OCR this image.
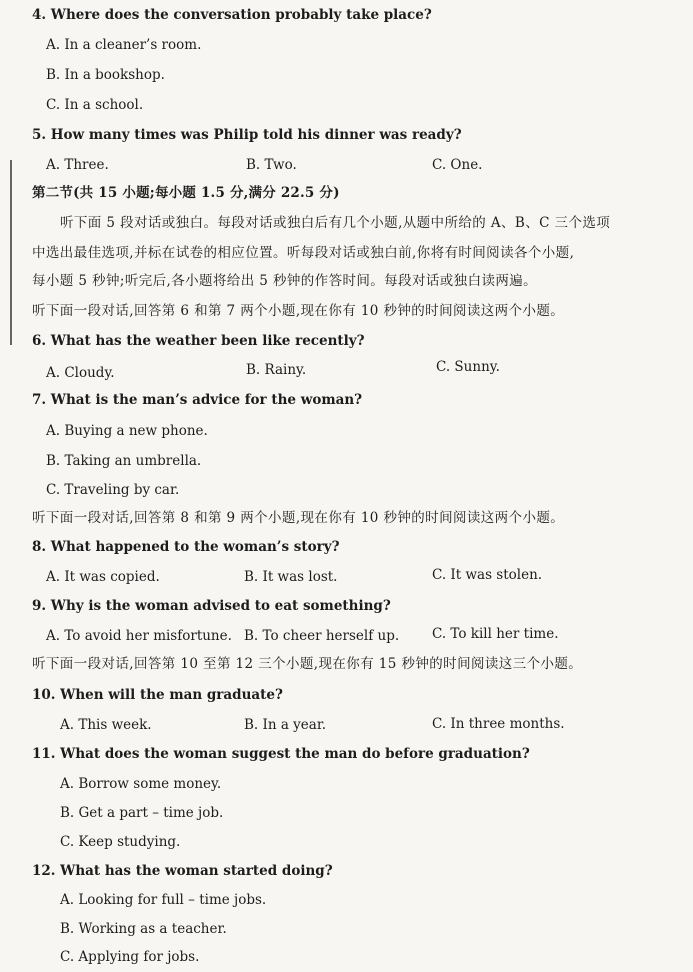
4. Where does the conversation probably take place?
A. In a cleaner’s room.
B. In a bookshop.
C. In a school.
5. How many times was Philip told his dinner was ready?
A. Three.	B. Two.	C. One.
第二节(共 15 小题;每小题 1.5 分,满分 22.5 分)
听下面 5 段对话或独白。每段对话或独白后有几个小题,从题中所给的 A、B、C 三个选项
中选出最佳选项,并标在试卷的相应位置。听每段对话或独白前,你将有时间阅读各个小题,
每小题 5 秒钟;听完后,各小题将给出 5 秒钟的作答时间。每段对话或独白读两遍。
听下面一段对话,回答第 6 和第 7 两个小题,现在你有 10 秒钟的时间阅读这两个小题。
6. What has the weather been like recently?
A. Cloudy.	B. Rainy.	C. Sunny.
7. What is the man’s advice for the woman?
A. Buying a new phone.
B. Taking an umbrella.
C. Traveling by car.
听下面一段对话,回答第 8 和第 9 两个小题,现在你有 10 秒钟的时间阅读这两个小题。
8. What happened to the woman’s story?
A. It was copied.	B. It was lost.	C. It was stolen.
9. Why is the woman advised to eat something?
A. To avoid her misfortune. B. To cheer herself up. C. To kill her time.
听下面一段对话,回答第 10 至第 12 三个小题,现在你有 15 秒钟的时间阅读这三个小题。
10. When will the man graduate?
A. This week.	B. In a year.	C. In three months.
11. What does the woman suggest the man do before graduation?
A. Borrow some money.
B. Get a part – time job.
C. Keep studying.
12. What has the woman started doing?
A. Looking for full – time jobs.
B. Working as a teacher.
C. Applying for jobs.
